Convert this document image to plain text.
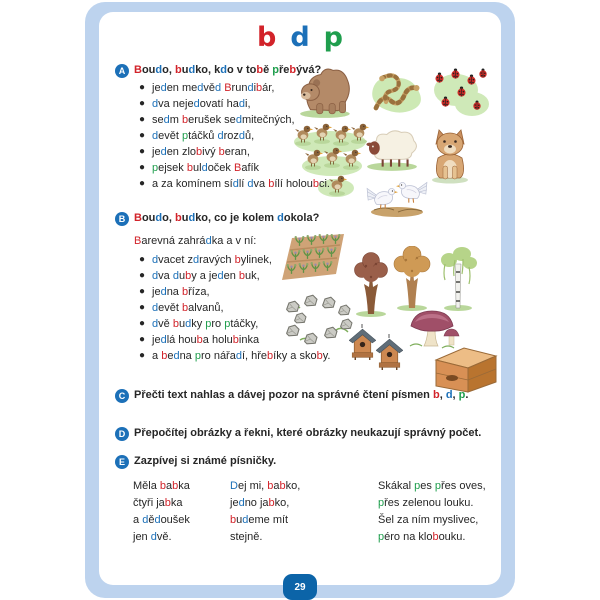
b d p
A Boudo, budko, kdo v tobě přebývá?
● jeden medvěd Brundibár,
● dva nejedovatí hadi,
● sedm berušek sedmitečných,
● devět ptáčků drozdů,
● jeden zlobivý beran,
● pejsek buldoček Bafík
● a za komínem sídlí dva bílí holoubci.
B Boudo, budko, co je kolem dokola?
Barevná zahrádka a v ní:
● dvacet zdravých bylinek,
● dva duby a jeden buk,
● jedna bříza,
● devět balvanů,
● dvě budky pro ptáčky,
● jedlá houba holubinka
● a bedna pro nářadí, hřebíky a skoby.
C Přečti text nahlas a dávej pozor na správné čtení písmen b, d, p.
D Přepočítej obrázky a řekni, které obrázky neukazují správný počet.
E Zazpívej si známé písničky.
Měla babka
čtyři jabka
a dědoušek
jen dvě.
Dej mi, babko,
jedno jabko,
budeme mít
stejně.
Skákal pes přes oves,
přes zelenou louku.
Šel za ním myslivec,
péro na klobouku.
29
